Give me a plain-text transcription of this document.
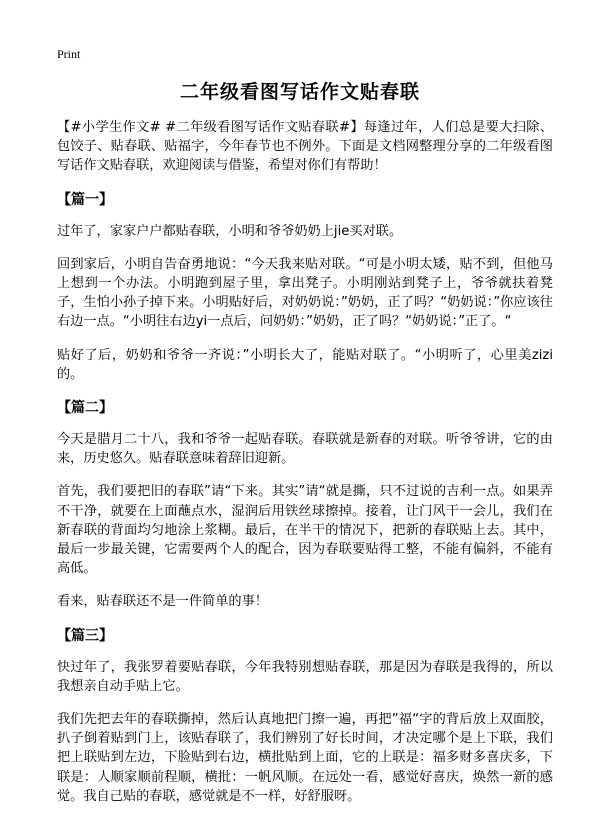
Print
二年级看图写话作文贴春联

【#小学生作文# #二年级看图写话作文贴春联#】每逢过年，人们总是要大扫除、包饺子、贴春联、贴福字，今年春节也不例外。下面是文档网整理分享的二年级看图写话作文贴春联，欢迎阅读与借鉴，希望对你们有帮助！

【篇一】

过年了，家家户户都贴春联，小明和爷爷奶奶上jie买对联。

回到家后，小明自告奋勇地说：“今天我来贴对联。“可是小明太矮，贴不到，但他马上想到一个办法。小明跑到屋子里，拿出凳子。小明刚站到凳子上，爷爷就扶着凳子，生怕小孙子掉下来。小明贴好后，对奶奶说：”奶奶，正了吗？“奶奶说：”你应该往右边一点。“小明往右边yi一点后，问奶奶：”奶奶，正了吗？“奶奶说：”正了。“

贴好了后，奶奶和爷爷一齐说：”小明长大了，能贴对联了。“小明听了，心里美zizi 的。

【篇二】

今天是腊月二十八，我和爷爷一起贴春联。春联就是新春的对联。听爷爷讲，它的由来，历史悠久。贴春联意味着辞旧迎新。

首先，我们要把旧的春联”请“下来。其实”请“就是撕，只不过说的吉利一点。如果弄不干净，就要在上面蘸点水，湿润后用铁丝球擦掉。接着，让门风干一会儿，我们在新春联的背面均匀地涂上浆糊。最后，在半干的情况下，把新的春联贴上去。其中，最后一步最关键，它需要两个人的配合，因为春联要贴得工整，不能有偏斜，不能有高低。

看来，贴春联还不是一件简单的事！

【篇三】

快过年了，我张罗着要贴春联，今年我特别想贴春联，那是因为春联是我得的，所以我想亲自动手贴上它。

我们先把去年的春联撕掉，然后认真地把门擦一遍，再把”福“字的背后放上双面胶，扒子倒着贴到门上，该贴春联了，我们辨别了好长时间，才决定哪个是上下联，我们把上联贴到左边，下脸贴到右边，横批贴到上面，它的上联是：福多财多喜庆多，下联是：人顺家顺前程顺，横批：一帆风顺。在远处一看，感觉好喜庆，焕然一新的感觉。我自己贴的春联，感觉就是不一样，好舒服呀。
